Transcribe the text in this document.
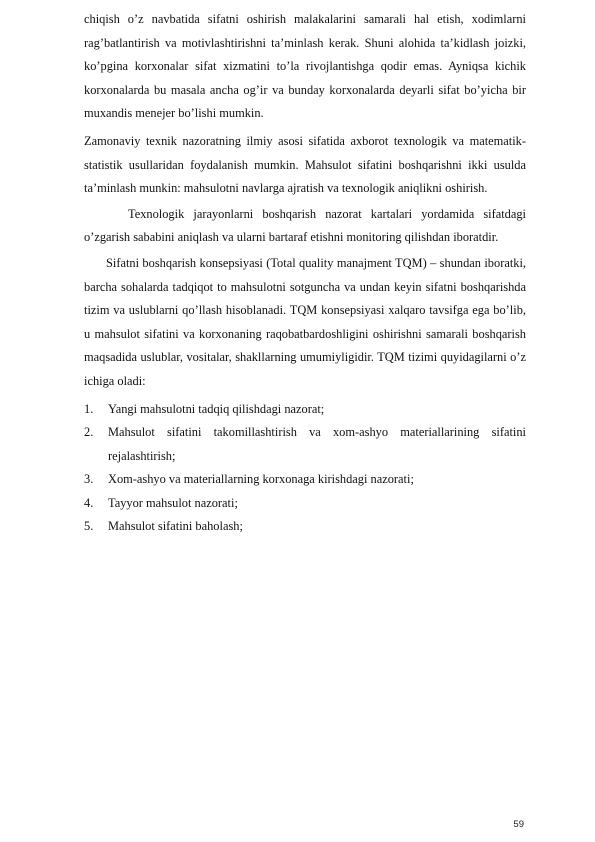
chiqish o’z navbatida sifatni oshirish malakalarini samarali hal etish, xodimlarni rag’batlantirish va motivlashtirishni ta’minlash kerak. Shuni alohida ta’kidlash joizki, ko’pgina korxonalar sifat xizmatini to’la rivojlantishga qodir emas. Ayniqsa kichik korxonalarda bu masala ancha og’ir va bunday korxonalarda deyarli sifat bo’yicha bir muxandis menejer bo’lishi mumkin.

Zamonaviy texnik nazoratning ilmiy asosi sifatida axborot texnologik va matematik-statistik usullaridan foydalanish mumkin. Mahsulot sifatini boshqarishni ikki usulda ta’minlash munkin: mahsulotni navlarga ajratish va texnologik aniqlikni oshirish.

Texnologik jarayonlarni boshqarish nazorat kartalari yordamida sifatdagi o’zgarish sababini aniqlash va ularni bartaraf etishni monitoring qilishdan iboratdir.

Sifatni boshqarish konsepsiyasi (Total quality manajment TQM) – shundan iboratki, barcha sohalarda tadqiqot to mahsulotni sotguncha va undan keyin sifatni boshqarishda tizim va uslublarni qo’llash hisoblanadi. TQM konsepsiyasi xalqaro tavsifga ega bo’lib, u mahsulot sifatini va korxonaning raqobatbardoshligini oshirishni samarali boshqarish maqsadida uslublar, vositalar, shakllarning umumiyligidir. TQM tizimi quyidagilarni o’z ichiga oladi:

1.	Yangi mahsulotni tadqiq qilishdagi nazorat;
2.	Mahsulot sifatini takomillashtirish va xom-ashyo materiallarining sifatini rejalashtirish;
3.	Xom-ashyo va materiallarning korxonaga kirishdagi nazorati;
4.	Tayyor mahsulot nazorati;
5.	Mahsulot sifatini baholash;
59
